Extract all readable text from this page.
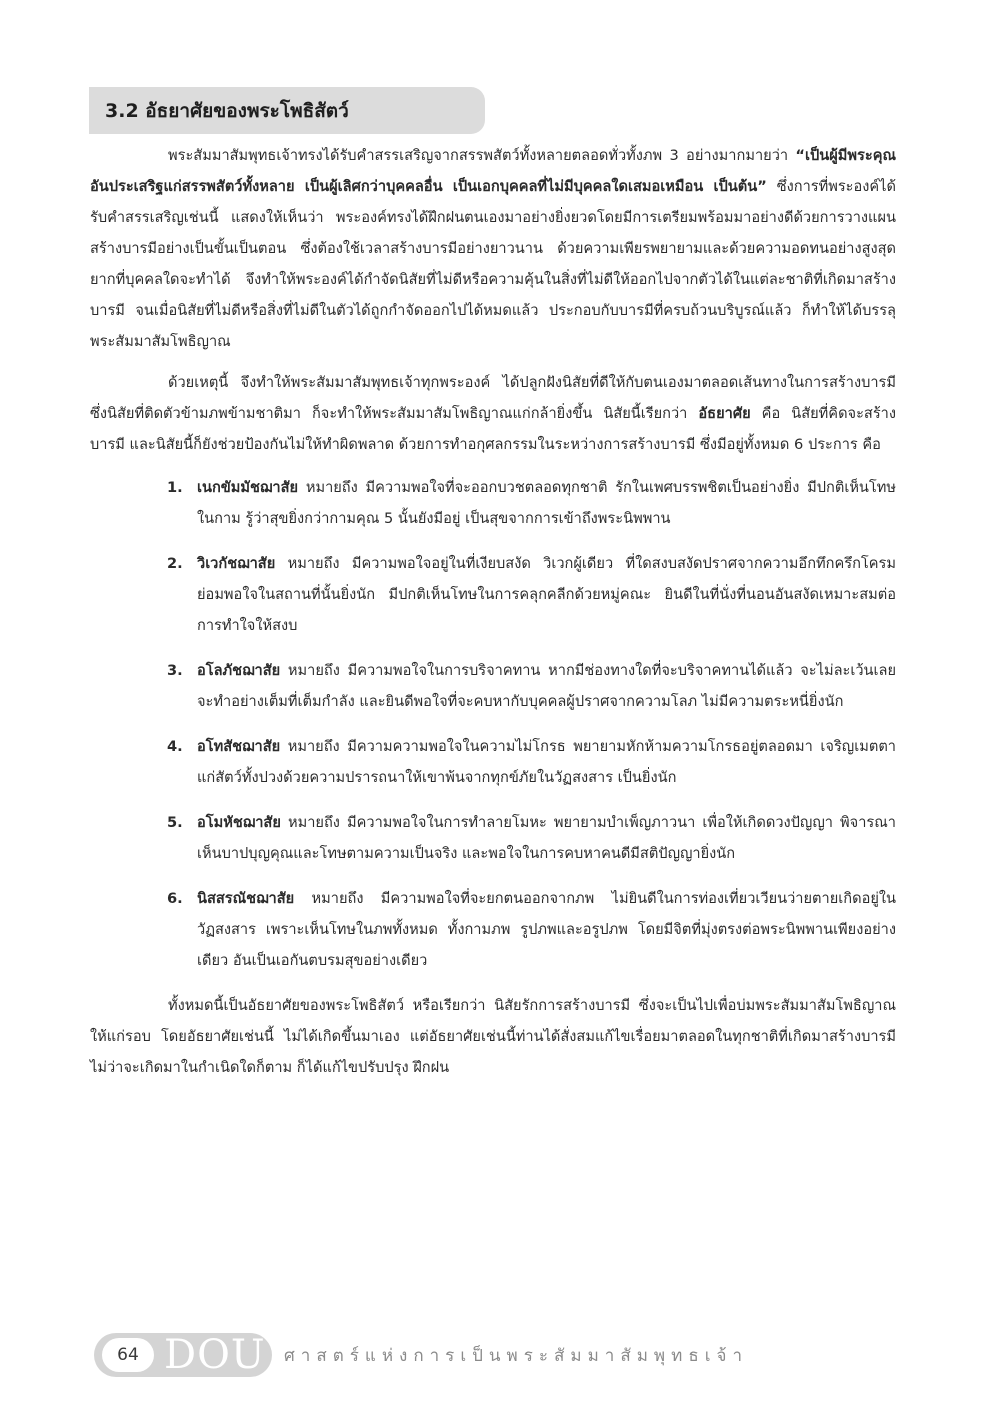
3.2 อัธยาศัยของพระโพธิสัตว์

พระสัมมาสัมพุทธเจ้าทรงได้รับคำสรรเสริญจากสรรพสัตว์ทั้งหลายตลอดทั่วทั้งภพ 3 อย่างมากมายว่า “เป็นผู้มีพระคุณอันประเสริฐแก่สรรพสัตว์ทั้งหลาย เป็นผู้เลิศกว่าบุคคลอื่น เป็นเอกบุคคลที่ไม่มีบุคคลใดเสมอเหมือน เป็นต้น” ซึ่งการที่พระองค์ได้รับคำสรรเสริญเช่นนี้ แสดงให้เห็นว่า พระองค์ทรงได้ฝึกฝนตนเองมาอย่างยิ่งยวดโดยมีการเตรียมพร้อมมาอย่างดีด้วยการวางแผนสร้างบารมีอย่างเป็นขั้นเป็นตอน ซึ่งต้องใช้เวลาสร้างบารมีอย่างยาวนาน ด้วยความเพียรพยายามและด้วยความอดทนอย่างสูงสุด ยากที่บุคคลใดจะทำได้ จึงทำให้พระองค์ได้กำจัดนิสัยที่ไม่ดีหรือความคุ้นในสิ่งที่ไม่ดีให้ออกไปจากตัวได้ในแต่ละชาติที่เกิดมาสร้างบารมี จนเมื่อนิสัยที่ไม่ดีหรือสิ่งที่ไม่ดีในตัวได้ถูกกำจัดออกไปได้หมดแล้ว ประกอบกับบารมีที่ครบถ้วนบริบูรณ์แล้ว ก็ทำให้ได้บรรลุพระสัมมาสัมโพธิญาณ

ด้วยเหตุนี้ จึงทำให้พระสัมมาสัมพุทธเจ้าทุกพระองค์ ได้ปลูกฝังนิสัยที่ดีให้กับตนเองมาตลอดเส้นทางในการสร้างบารมี ซึ่งนิสัยที่ติดตัวข้ามภพข้ามชาติมา ก็จะทำให้พระสัมมาสัมโพธิญาณแก่กล้ายิ่งขึ้น นิสัยนี้เรียกว่า อัธยาศัย คือ นิสัยที่คิดจะสร้างบารมี และนิสัยนี้ก็ยังช่วยป้องกันไม่ให้ทำผิดพลาด ด้วยการทำอกุศลกรรมในระหว่างการสร้างบารมี ซึ่งมีอยู่ทั้งหมด 6 ประการ คือ

1. เนกขัมมัชฌาสัย หมายถึง มีความพอใจที่จะออกบวชตลอดทุกชาติ รักในเพศบรรพชิตเป็นอย่างยิ่ง มีปกติเห็นโทษในกาม รู้ว่าสุขยิ่งกว่ากามคุณ 5 นั้นยังมีอยู่ เป็นสุขจากการเข้าถึงพระนิพพาน
2. วิเวกัชฌาสัย หมายถึง มีความพอใจอยู่ในที่เงียบสงัด วิเวกผู้เดียว ที่ใดสงบสงัดปราศจากความอึกทึกครึกโครม ย่อมพอใจในสถานที่นั้นยิ่งนัก มีปกติเห็นโทษในการคลุกคลีกด้วยหมู่คณะ ยินดีในที่นั่งที่นอนอันสงัดเหมาะสมต่อการทำใจให้สงบ
3. อโลภัชฌาสัย หมายถึง มีความพอใจในการบริจาคทาน หากมีช่องทางใดที่จะบริจาคทานได้แล้ว จะไม่ละเว้นเลย จะทำอย่างเต็มที่เต็มกำลัง และยินดีพอใจที่จะคบหากับบุคคลผู้ปราศจากความโลภ ไม่มีความตระหนี่ยิ่งนัก
4. อโทสัชฌาสัย หมายถึง มีความความพอใจในความไม่โกรธ พยายามหักห้ามความโกรธอยู่ตลอดมา เจริญเมตตาแก่สัตว์ทั้งปวงด้วยความปรารถนาให้เขาพ้นจากทุกข์ภัยในวัฏสงสาร เป็นยิ่งนัก
5. อโมหัชฌาสัย หมายถึง มีความพอใจในการทำลายโมหะ พยายามบำเพ็ญภาวนา เพื่อให้เกิดดวงปัญญา พิจารณาเห็นบาปบุญคุณและโทษตามความเป็นจริง และพอใจในการคบหาคนดีมีสติปัญญายิ่งนัก
6. นิสสรณัชฌาสัย หมายถึง มีความพอใจที่จะยกตนออกจากภพ ไม่ยินดีในการท่องเที่ยวเวียนว่ายตายเกิดอยู่ในวัฏสงสาร เพราะเห็นโทษในภพทั้งหมด ทั้งกามภพ รูปภพและอรูปภพ โดยมีจิตที่มุ่งตรงต่อพระนิพพานเพียงอย่างเดียว อันเป็นเอกันตบรมสุขอย่างเดียว

ทั้งหมดนี้เป็นอัธยาศัยของพระโพธิสัตว์ หรือเรียกว่า นิสัยรักการสร้างบารมี ซึ่งจะเป็นไปเพื่อบ่มพระสัมมาสัมโพธิญาณให้แก่รอบ โดยอัธยาศัยเช่นนี้ ไม่ได้เกิดขึ้นมาเอง แต่อัธยาศัยเช่นนี้ท่านได้สั่งสมแก้ไขเรื่อยมาตลอดในทุกชาติที่เกิดมาสร้างบารมีไม่ว่าจะเกิดมาในกำเนิดใดก็ตาม ก็ได้แก้ไขปรับปรุง ฝึกฝน

64 DOU ศาสตร์แห่งการเป็นพระสัมมาสัมพุทธเจ้า
